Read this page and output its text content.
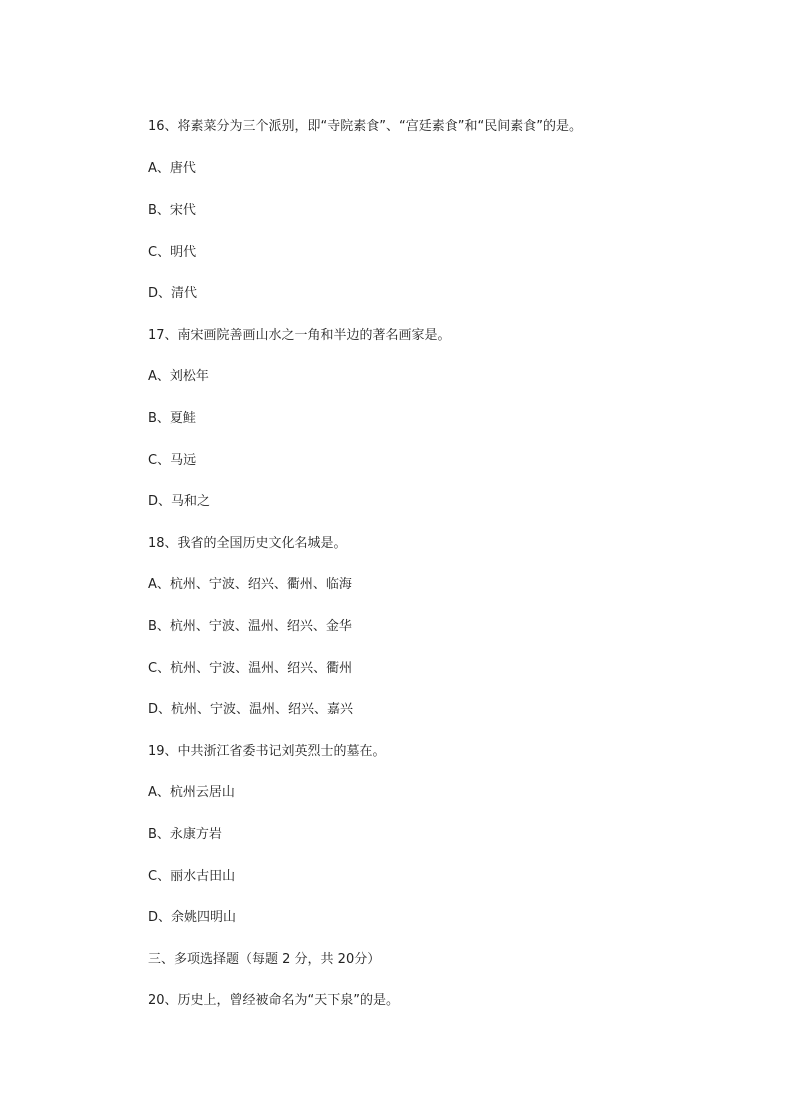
16、将素菜分为三个派别，即“寺院素食”、“宫廷素食”和“民间素食”的是。
A、唐代
B、宋代
C、明代
D、清代
17、南宋画院善画山水之一角和半边的著名画家是。
A、刘松年
B、夏鲑
C、马远
D、马和之
18、我省的全国历史文化名城是。
A、杭州、宁波、绍兴、衢州、临海
B、杭州、宁波、温州、绍兴、金华
C、杭州、宁波、温州、绍兴、衢州
D、杭州、宁波、温州、绍兴、嘉兴
19、中共浙江省委书记刘英烈士的墓在。
A、杭州云居山
B、永康方岩
C、丽水古田山
D、余姚四明山
三、多项选择题（每题 2 分，共 20分）
20、历史上，曾经被命名为“天下泉”的是。
